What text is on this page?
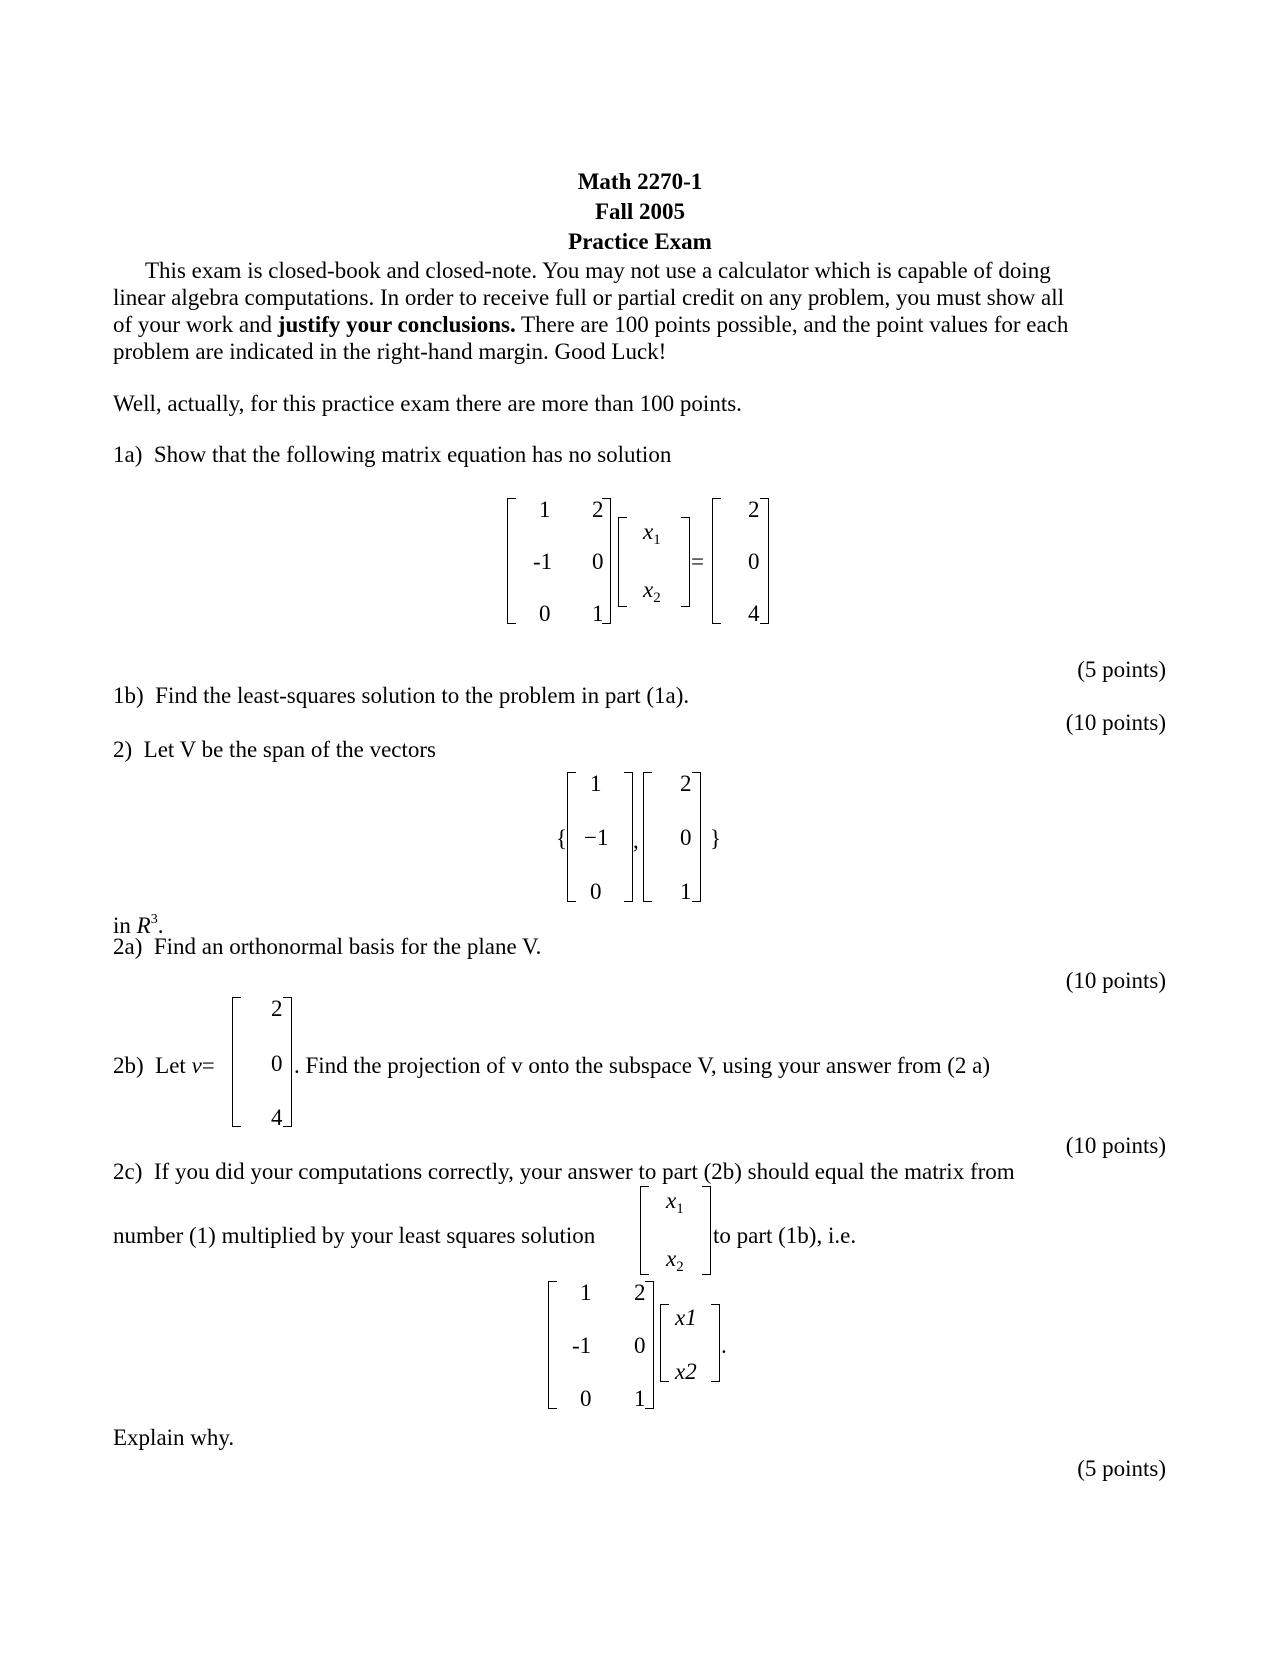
Math 2270-1
Fall 2005
Practice Exam
This exam is closed-book and closed-note. You may not use a calculator which is capable of doing
linear algebra computations. In order to receive full or partial credit on any problem, you must show all
of your work and justify your conclusions. There are 100 points possible, and the point values for each
problem are indicated in the right-hand margin. Good Luck!
Well, actually, for this practice exam there are more than 100 points.
1a) Show that the following matrix equation has no solution
1 2
-1 0
0 1
$x_1$
$x_2$
=
2
0
4
(5 points)
1b) Find the least-squares solution to the problem in part (1a).
(10 points)
2) Let V be the span of the vectors
{
1
−1
0
,
2
0
1
}
in $R^3$.
2a) Find an orthonormal basis for the plane V.
(10 points)
2b) Let v=
2
0
4
. Find the projection of v onto the subspace V, using your answer from (2 a)
(10 points)
2c) If you did your computations correctly, your answer to part (2b) should equal the matrix from
number (1) multiplied by your least squares solution
$x_1$
$x_2$
to part (1b), i.e.
1 2
-1 0
0 1
x1
x2
.
Explain why.
(5 points)
